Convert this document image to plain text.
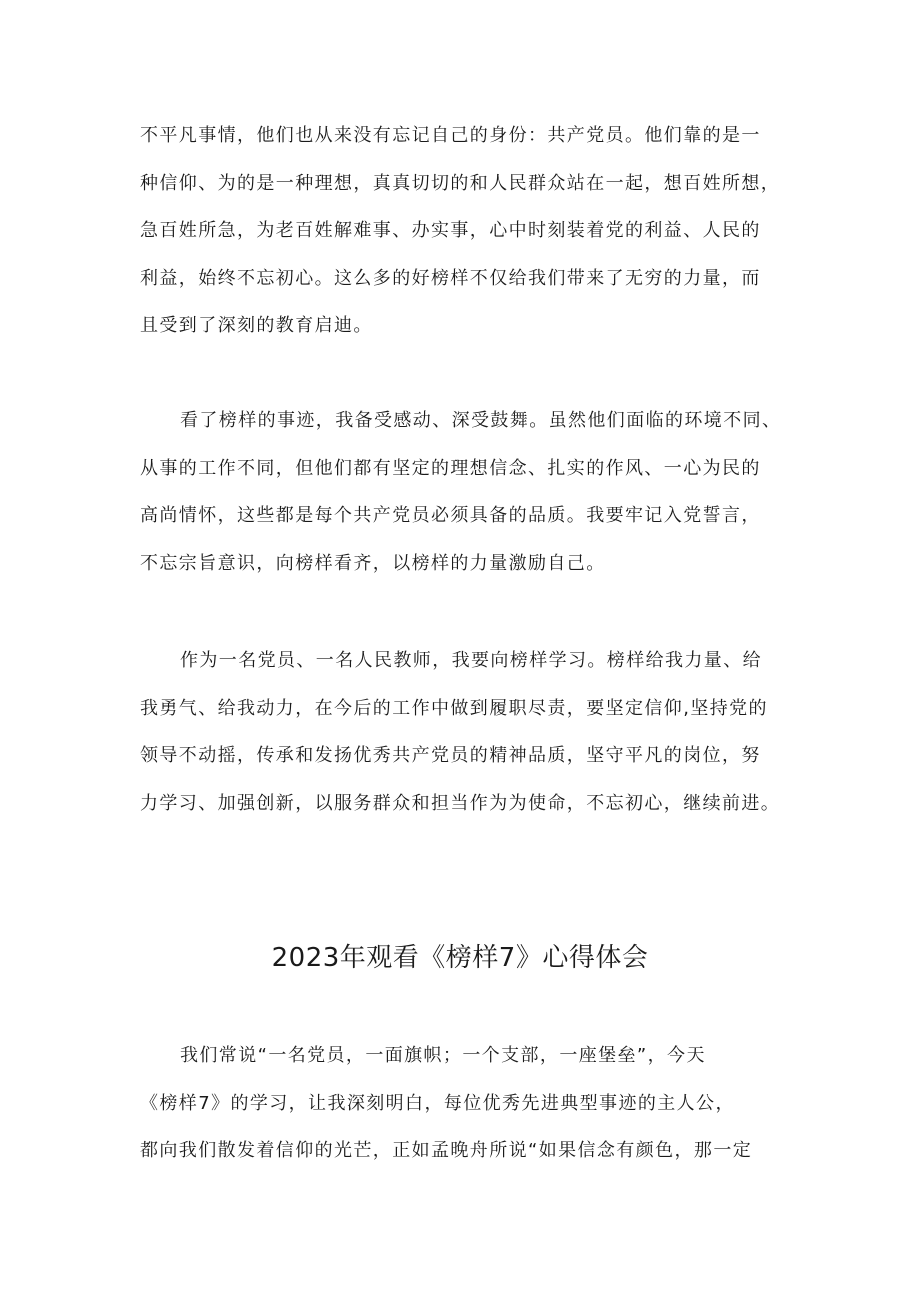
不平凡事情，他们也从来没有忘记自己的身份：共产党员。他们靠的是一
种信仰、为的是一种理想，真真切切的和人民群众站在一起，想百姓所想，
急百姓所急，为老百姓解难事、办实事，心中时刻装着党的利益、人民的
利益，始终不忘初心。这么多的好榜样不仅给我们带来了无穷的力量，而
且受到了深刻的教育启迪。
看了榜样的事迹，我备受感动、深受鼓舞。虽然他们面临的环境不同、
从事的工作不同，但他们都有坚定的理想信念、扎实的作风、一心为民的
高尚情怀，这些都是每个共产党员必须具备的品质。我要牢记入党誓言，
不忘宗旨意识，向榜样看齐，以榜样的力量激励自己。
作为一名党员、一名人民教师，我要向榜样学习。榜样给我力量、给
我勇气、给我动力，在今后的工作中做到履职尽责，要坚定信仰,坚持党的
领导不动摇，传承和发扬优秀共产党员的精神品质，坚守平凡的岗位，努
力学习、加强创新，以服务群众和担当作为为使命，不忘初心，继续前进。
2023年观看《榜样7》心得体会
我们常说“一名党员，一面旗帜；一个支部，一座堡垒”，今天
《榜样7》的学习，让我深刻明白，每位优秀先进典型事迹的主人公，
都向我们散发着信仰的光芒，正如孟晚舟所说“如果信念有颜色，那一定
